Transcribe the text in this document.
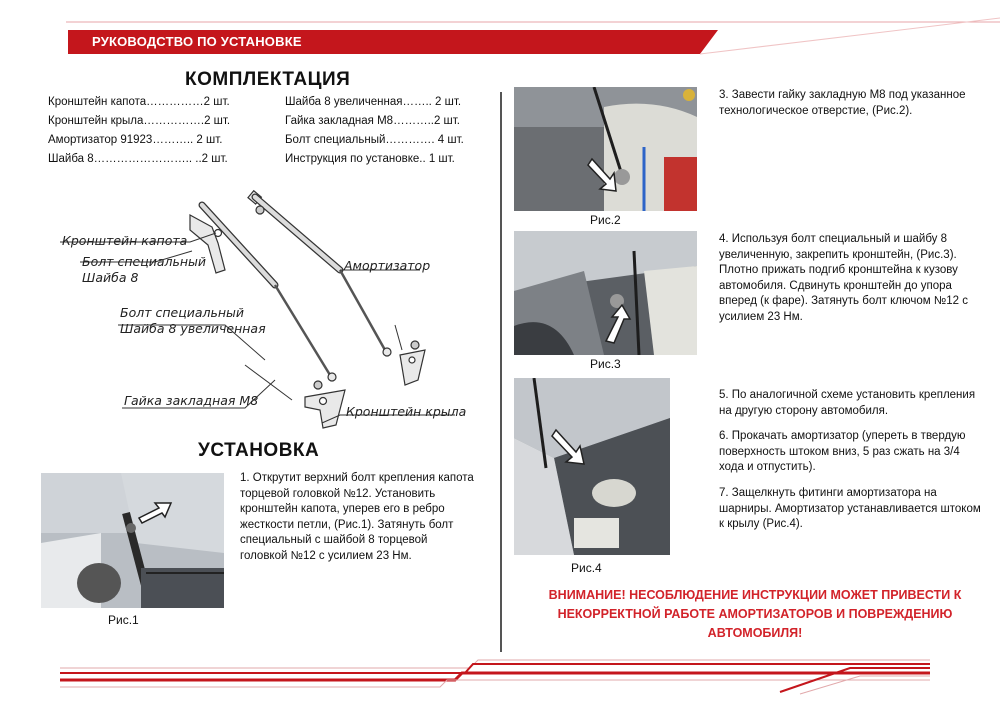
РУКОВОДСТВО ПО УСТАНОВКЕ
КОМПЛЕКТАЦИЯ
Кронштейн капота……………2 шт.
Кронштейн крыла…………….2 шт.
Амортизатор 91923……….. 2 шт.
Шайба 8…………………….. ..2 шт.
Шайба 8 увеличенная…….. 2 шт.
Гайка закладная М8………..2 шт.
Болт специальный…………. 4 шт.
Инструкция по установке.. 1 шт.
Кронштейн капота
Болт специальный
Шайба 8
Амортизатор
Болт специальный
Шайба 8 увеличенная
Гайка закладная М8
Кронштейн крыла
УСТАНОВКА
Рис.1
1. Открутит верхний болт крепления капота торцевой головкой №12. Установить кронштейн капота, уперев его в ребро жесткости петли, (Рис.1). Затянуть болт специальный с шайбой 8 торцевой головкой №12 с усилием 23 Нм.
Рис.2
3. Завести гайку закладную М8 под указанное технологическое отверстие, (Рис.2).
Рис.3
4. Используя болт специальный и шайбу 8 увеличенную, закрепить кронштейн, (Рис.3). Плотно прижать подгиб кронштейна к кузову автомобиля. Сдвинуть кронштейн до упора вперед (к фаре). Затянуть болт ключом №12 с усилием 23 Нм.
Рис.4
5. По аналогичной схеме установить крепления на другую сторону автомобиля.
6. Прокачать амортизатор (уперeть в твердую поверхность штоком вниз, 5 раз сжать на 3/4 хода и отпустить).
7. Защелкнуть фитинги амортизатора на шарниры. Амортизатор устанавливается штоком к крылу (Рис.4).
ВНИМАНИЕ! НЕСОБЛЮДЕНИЕ ИНСТРУКЦИИ МОЖЕТ ПРИВЕСТИ К
НЕКОРРЕКТНОЙ РАБОТЕ АМОРТИЗАТОРОВ И ПОВРЕЖДЕНИЮ
АВТОМОБИЛЯ!
